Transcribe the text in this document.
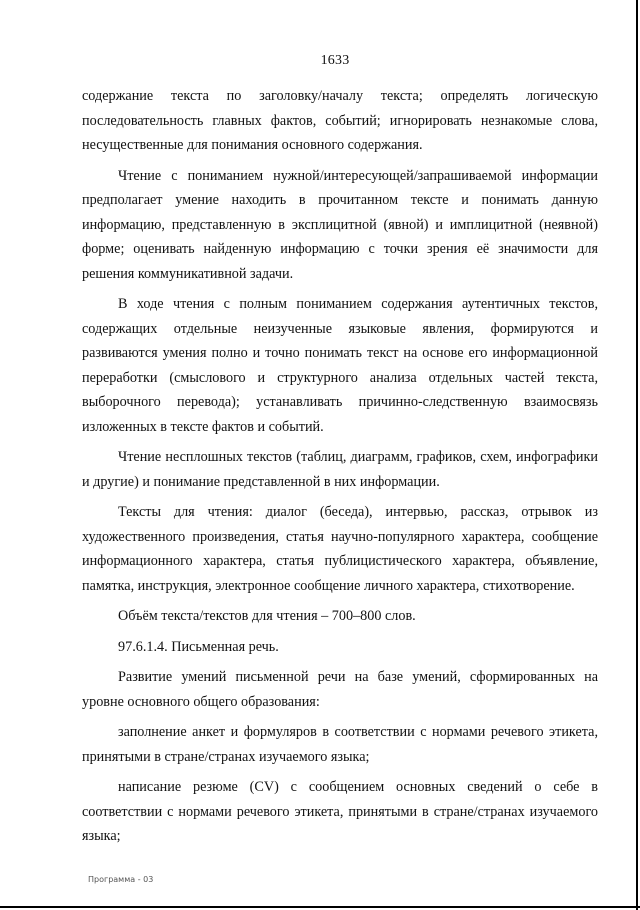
1633

содержание текста по заголовку/началу текста; определять логическую последовательность главных фактов, событий; игнорировать незнакомые слова, несущественные для понимания основного содержания.

Чтение с пониманием нужной/интересующей/запрашиваемой информации предполагает умение находить в прочитанном тексте и понимать данную информацию, представленную в эксплицитной (явной) и имплицитной (неявной) форме; оценивать найденную информацию с точки зрения её значимости для решения коммуникативной задачи.

В ходе чтения с полным пониманием содержания аутентичных текстов, содержащих отдельные неизученные языковые явления, формируются и развиваются умения полно и точно понимать текст на основе его информационной переработки (смыслового и структурного анализа отдельных частей текста, выборочного перевода); устанавливать причинно-следственную взаимосвязь изложенных в тексте фактов и событий.

Чтение несплошных текстов (таблиц, диаграмм, графиков, схем, инфографики и другие) и понимание представленной в них информации.

Тексты для чтения: диалог (беседа), интервью, рассказ, отрывок из художественного произведения, статья научно-популярного характера, сообщение информационного характера, статья публицистического характера, объявление, памятка, инструкция, электронное сообщение личного характера, стихотворение.

Объём текста/текстов для чтения – 700–800 слов.

97.6.1.4. Письменная речь.

Развитие умений письменной речи на базе умений, сформированных на уровне основного общего образования:

заполнение анкет и формуляров в соответствии с нормами речевого этикета, принятыми в стране/странах изучаемого языка;

написание резюме (CV) с сообщением основных сведений о себе в соответствии с нормами речевого этикета, принятыми в стране/странах изучаемого языка;

Программа - 03
